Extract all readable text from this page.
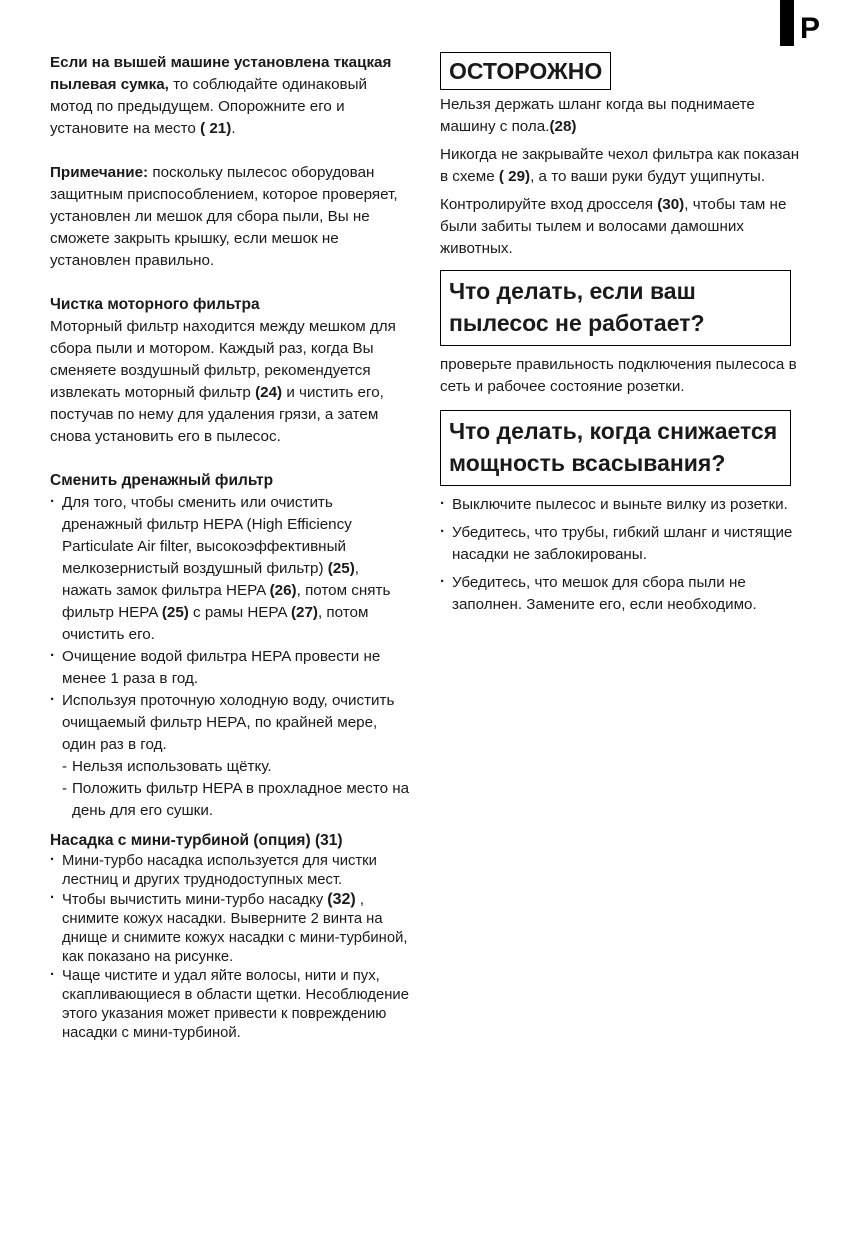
P

Если на вышей машине установлена ткацкая пылевая сумка, то соблюдайте одинаковый мотод по предыдущем. Опорожните его и установите на место ( 21).

Примечание: поскольку пылесос оборудован защитным приспособлением, которое проверяет, установлен ли мешок для сбора пыли, Вы не сможете закрыть крышку, если мешок не установлен правильно.

Чистка моторного фильтра

Моторный фильтр находится между мешком для сбора пыли и мотором. Каждый раз, когда Вы сменяете воздушный фильтр, рекомендуется извлекать моторный фильтр (24) и чистить его, постучав по нему для удаления грязи, а затем снова установить его в пылесос.

Сменить дренажный фильтр
· Для того, чтобы сменить или очистить дренажный фильтр HEPA (High Efficiency Particulate Air filter, высокоэффективный мелкозернистый воздушный фильтр) (25), нажать замок фильтра HEPA (26), потом снять фильтр HEPA (25) с рамы HEPA (27), потом очистить его.
· Очищение водой фильтра HEPA провести не менее 1 раза в год.
· Используя проточную холодную воду, очистить очищаемый фильтр HEPA, по крайней мере, один раз в год.
- Нельзя использовать щётку.
- Положить фильтр HEPA в прохладное место на день для его сушки.
Насадка с мини-турбиной (опция) (31)
· Мини-турбо насадка используется для чистки лестниц и других труднодоступных мест.
· Чтобы вычистить мини-турбо насадку (32) , снимите кожух насадки. Выверните 2 винта на днище и снимите кожух насадки с мини-турбиной, как показано на рисунке.
· Чаще чистите и удал яйте волосы, нити и пух, скапливающиеся в области щетки. Несоблюдение этого указания может привести к повреждению насадки с мини-турбиной.
ОСТОРОЖНО

Нельзя держать шланг когда вы поднимаете машину с пола.(28)

Никогда не закрывайте чехол фильтра как показан в схеме ( 29), а то ваши руки будут ущипнуты.

Контролируйте вход дросселя (30), чтобы там не были забиты тылем и волосами дамошних животных.

Что делать, если ваш пылесос не работает?

проверьте правильность подключения пылесоса в сеть и рабочее состояние розетки.

Что делать, когда снижается мощность всасывания?
· Выключите пылесос и выньте вилку из розетки.
· Убедитесь, что трубы, гибкий шланг и чистящие насадки не заблокированы.
· Убедитесь, что мешок для сбора пыли не заполнен. Замените его, если необходимо.
